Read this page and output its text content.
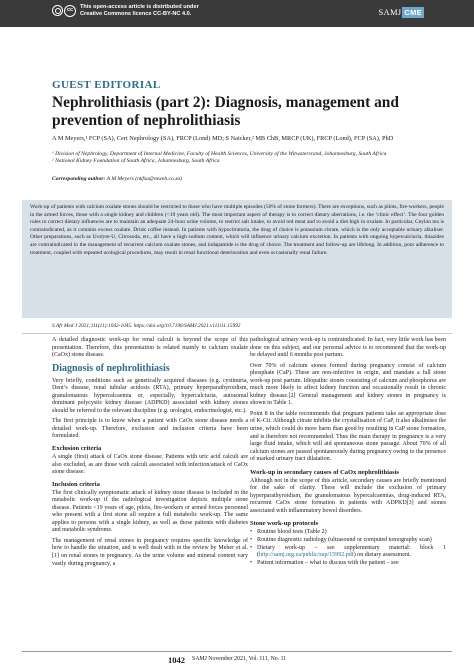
cc	This open-access article is distributed under
Creative Commons licence CC-BY-NC 4.0.	SAMJ CME
GUEST EDITORIAL
Nephrolithiasis (part 2): Diagnosis, management and prevention of nephrolithiasis
A M Meyers,¹ FCP (SA), Cert Nephrology (SA), FRCP (Lond) MD; S Naicker,² MB ChB, MRCP (UK), FRCP (Lond), FCP (SA), PhD
¹ Division of Nephrology, Department of Internal Medicine, Faculty of Health Sciences, University of the Witwatersrand, Johannesburg, South Africa
² National Kidney Foundation of South Africa, Johannesburg, South Africa
Corresponding author: A M Meyers (nkfsa@mweb.co.za)

Work-up of patients with calcium oxalate stones should be restricted to those who have multiple episodes (50% of stone formers). There are exceptions, such as pilots, fire-workers, people in the armed forces, those with a single kidney and children (<19 years old). The most important aspect of therapy is to correct dietary aberrations, i.e. the ‘clinic effect’. The four golden rules to correct dietary influences are to maintain an adequate 24-hour urine volume, to restrict salt intake, to avoid red meat and to avoid a diet high in oxalate. In particular, Ceylon tea is contraindicated, as it contains excess oxalate. Drink coffee instead. In patients with hypocitraturia, the drug of choice is potassium citrate, which is the only acceptable urinary alkaliser. Other preparations, such as Urolyte-U, Citrosoda, etc., all have a high sodium content, which will influence urinary calcium excretion. In patients with ongoing hypercalciuria, thiazides are contraindicated in the management of recurrent calcium oxalate stones, and indapamide is the drug of choice. The treatment and follow-up are lifelong. In addition, poor adherence to treatment, coupled with repeated urological procedures, may result in renal functional deterioration and even occasionally renal failure.

S Afr Med J 2021;111(11):1042-1045. https://doi.org/10.7196/SAMJ.2021.v111i11.15992

A detailed diagnostic work-up for renal calculi is beyond the scope of this presentation. Therefore, this presentation is related mainly to calcium oxalate (CaOx) stone disease.

Diagnosis of nephrolithiasis

Very briefly, conditions such as genetically acquired diseases (e.g. cystinuria, Dent’s disease, renal tubular acidosis (RTA), primary hyperparathyroidism, granulomatous hypercalcaemia or, especially, hypercalciuria, autosomal dominant polycystic kidney disease (ADPKD) associated with kidney stones should be referred to the relevant discipline (e.g. urologist, endocrinologist, etc.).

The first principle is to know when a patient with CaOx stone disease needs a detailed work-up. Therefore, exclusion and inclusion criteria have been formulated.

Exclusion criteria

A single (first) attack of CaOx stone disease. Patients with uric acid calculi are also excluded, as are those with calculi associated with infection/attack of CaOx stone disease.

Inclusion criteria

The first clinically symptomatic attack of kidney stone disease is included in the metabolic work-up if the radiological investigation depicts multiple stone disease. Patients <19 years of age, pilots, fire-workers or armed forces personnel who present with a first stone all require a full metabolic work-up. The same applies to persons with a single kidney, as well as those patients with diabetes and metabolic syndrome.

The management of renal stones in pregnancy requires specific knowledge of how to handle the situation, and is well dealt with in the review by Meher et al.[1] on renal stones in pregnancy. As the urine volume and mineral content vary vastly during pregnancy, a

pathological urinary work-up is contraindicated. In fact, very little work has been done on this subject, and our personal advice is to recommend that the work-up be delayed until 6 months post partum.

Over 70% of calcium stones formed during pregnancy consist of calcium phosphate (CaP). These are non-infective in origin, and mandate a full stone work-up post partum. Idiopathic stones consisting of calcium and phosphorus are much more likely to affect kidney function and occasionally result in chronic kidney disease.[2] General management and kidney stones in pregnancy is shown in Table 1.

Point 8 in the table recommends that pregnant patients take an appropriate dose of K-Cit. Although citrate inhibits the crystallisation of CaP, it also alkalinises the urine, which could do more harm than good by resulting in CaP stone formation, and is therefore not recommended. Thus the main therapy in pregnancy is a very large fluid intake, which will aid spontaneous stone passage. About 70% of all calcium stones are passed spontaneously during pregnancy owing to the presence of marked urinary tract dilatation.

Work-up in secondary causes of CaOx nephrolithiasis

Although not in the scope of this article, secondary causes are briefly mentioned for the sake of clarity. These will include the exclusion of primary hyperparathyroidism, the granulomatous hypercalcaemias, drug-induced RTA, recurrent CaOx stone formation in patients with ADPKD[3] and stones associated with inflammatory bowel disorders.

Stone work-up protocols
• Routine blood tests (Table 2)
• Routine diagnostic radiology (ultrasound or computed tomography scan)
• Dietary work-up – see supplementary material: block 1 (http://samj.org.za/public/sup/15992.pdf) on dietary assessment.
• Patient information – what to discuss with the patient – see
1042 SAMJ November 2021, Vol. 111, No. 11
